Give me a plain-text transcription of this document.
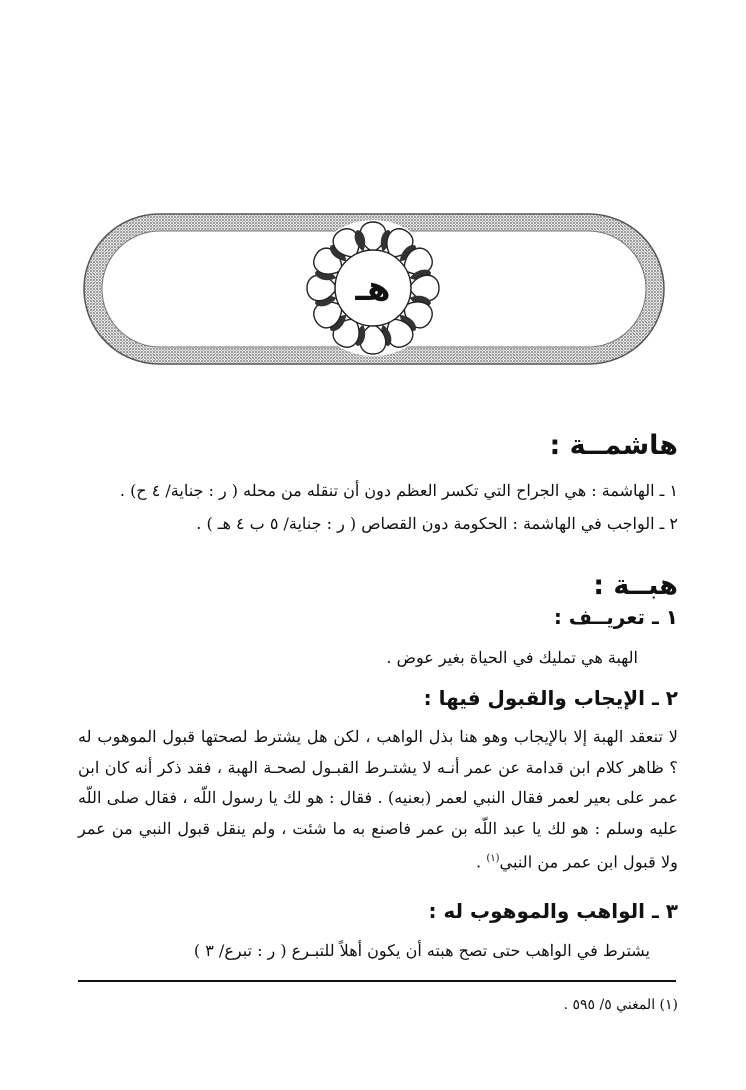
هـ
هاشمــة :
١ ـ الهاشمة : هي الجراح التي تكسر العظم دون أن تنقله من محله ( ر : جناية/ ٤ ح) .
٢ ـ الواجب في الهاشمة : الحكومة دون القصاص ( ر : جناية/ ٥ ب ٤ هـ ) .
هبــة :
١ ـ تعريــف :
الهبة هي تمليك في الحياة بغير عوض .
٢ ـ الإيجاب والقبول فيها :
لا تنعقد الهبة إلا بالإيجاب وهو هنا بذل الواهب ، لكن هل يشترط لصحتها قبول الموهوب له ؟ ظاهر كلام ابن قدامة عن عمر أنـه لا يشتـرط القبـول لصحـة الهبة ، فقد ذكر أنه كان ابن عمر على بعير لعمر فقال النبي لعمر (بعنيه) . فقال : هو لك يا رسول اللّه ، فقال صلى اللّه عليه وسلم : هو لك يا عبد اللّه بن عمر فاصنع به ما شئت ، ولم ينقل قبول النبي من عمر ولا قبول ابن عمر من النبي$^{(١)}$ .
٣ ـ الواهب والموهوب له :
يشترط في الواهب حتى تصح هبته أن يكون أهلاً للتبـرع ( ر : تبرع/ ٣ )
(١) المغني ٥/ ٥٩٥ .
